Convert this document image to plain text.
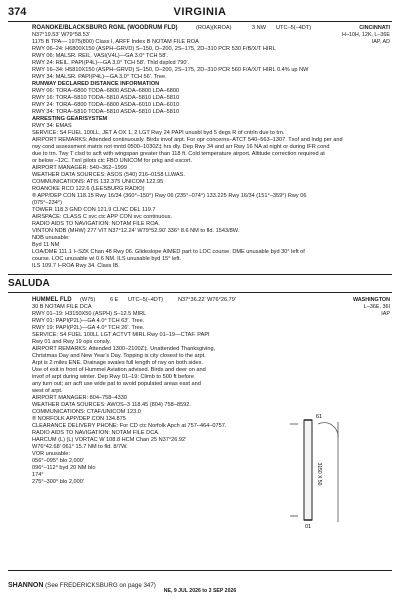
374	VIRGINIA
ROANOKE/BLACKSBURG RGNL (WOODRUM FLD)	(ROA)(KROA)	3 NW UTC–5(–4DT)
N37°19.53′ W79°58.53′
CINCINNATI
H–10H, 12K, L–36E
IAP, AD
1175 B TPA— 1975(800) Class I, ARFF Index B NOTAM FILE ROA
RWY 06–24: H6800X150 (ASPH–GRVD) S–150, D–200, 2S–175, 2D–310 PCR 530 F/B/X/T HIRL
RWY 06: MALSR. REIL. VASI(V4L)—GA 3.0° TCH 58′.
RWY 24: REIL. PAPI(P4L)—GA 3.0° TCH 58′. Thld dsplcd 790′.
RWY 16–34: H5810X150 (ASPH–GRVD) S–150, D–200, 2S–175, 2D–310 PCR 560 F/A/X/T HIRL 0.4% up NW
RWY 34: MALSR. PAPI(P4L)—GA 3.0° TCH 56′. Tree.
RUNWAY DECLARED DISTANCE INFORMATION
RWY 06: TORA–6800 TODA–6800 ASDA–6800 LDA–6800
RWY 16: TORA–5810 TODA–5810 ASDA–5810 LDA–5810
RWY 24: TORA–6800 TODA–6800 ASDA–6010 LDA–6010
RWY 34: TORA–5810 TODA–5810 ASDA–5810 LDA–5810
ARRESTING GEAR/SYSTEM
RWY 34: EMAS
SERVICE: S4 FUEL 100LL, JET A OX 1, 2 LGT Rwy 24 PAPI unusbl byd 5 degs R of cntrln due to trn.
AIRPORT REMARKS: Attended continuously. Birds invof arpt. For opr concerns–ATCT 540–563–1307. Txof and lndg per and
rwy cond assessment matrix not mntd 0500–1030Z‡ hrs dly. Dep Rwy 34 and arr Rwy 16 NA at night or during IFR cond
due to trn. Twy T clsd to acft with wingspan greater than 118 ft. Cold temperature airport. Altitude correction required at
or below –12C. Txnl pilots ctc FBO UNICOM for prkg and escort.
AIRPORT MANAGER: 540–362–1999
WEATHER DATA SOURCES: ASOS (540) 216–0158 LLWAS.
COMMUNICATIONS: ATIS 132.375 UNICOM 122.95
ROANOKE RCO 122.6 (LEESBURG RADIO)
® APP/DEP CON 118.15 Rwy 16/34 (360°–150°) Rwy 06 (235°–074°) 133.225 Rwy 16/34 (151°–359°) Rwy 06
(075°–234°)
TOWER 118.3 GND CON 121.9 CLNC DEL 119.7
AIRSPACE: CLASS C svc ctc APP CON svc continuous.
RADIO AIDS TO NAVIGATION: NOTAM FILE ROA.
VINTON NDB (MHW) 277 VIT N37°12.24′ W79°52.90′ 336° 8.6 NM to fld. 1543/8W.
NDB unusable:
Byd 11 NM
LOA/DME 111.1 I–SZK Chan 48 Rwy 06. Glideslope AIMED part to LOC course. DME unusable byd 30° left of
course. LOC unusable wi 0.6 NM. ILS unusable byd 15° left.
ILS 109.7 I–ROA Rwy 34. Class IB.
SALUDA
HUMMEL FLD (W75)	6 E UTC–5(–4DT)	N37°36.22′ W76°26.79′	WASHINGTON
L–36E, 36I
IAP
30 B NOTAM FILE DCA
RWY 01–19: H3150X50 (ASPH) S–12.5 MIRL
RWY 01: PAPI(P2L)—GA 4.0° TCH 63′. Tree.
RWY 19: PAPI(P2L)—GA 4.0° TCH 26′. Tree.
SERVICE: S4 FUEL 100LL LGT ACTVT MIRL Rwy 01–19—CTAF. PAPI
Rwy 01 and Rwy 19 ops consly.
AIRPORT REMARKS: Attended 1300–2100Z‡. Unattended Thanksgiving,
Christmas Day and New Year’s Day. Topping is city closest to the arpt.
Arpt is 2 miles ENE. Drainage swales full length of rwy on both sides.
Use of exit in front of Hummel Aviation advised. Birds and deer on and
invof of arpt during winter. Dep Rwy 01–19: Climb to 500 ft before
any turn out; arr acft use wide pat to avoid populated areas east and
west of arpt.
AIRPORT MANAGER: 804–758–4330
WEATHER DATA SOURCES: AWOS–3 118.45 (804) 758–8592.
COMMUNICATIONS: CTAF/UNICOM 123.0
® NORFOLK APP/DEP CON 134.875
CLEARANCE DELIVERY PHONE: For CD ctc Norfolk Apch at 757–464–0757.
RADIO AIDS TO NAVIGATION: NOTAM FILE DCA.
HARCUM (L) (L) VORTAC W 108.8 HCM Chan 25 N37°26.92′
W76°42.68′ 061° 15.7 NM to fld. 8/7W.
VOR unusable:
056°–095° blo 2,000′
096°–112° byd 20 NM blo
174°
275°–300° blo 2,000′
61
01
3150 X 50
SHANNON (See FREDERICKSBURG on page 347)
NE, 9 JUL 2026 to 3 SEP 2026
